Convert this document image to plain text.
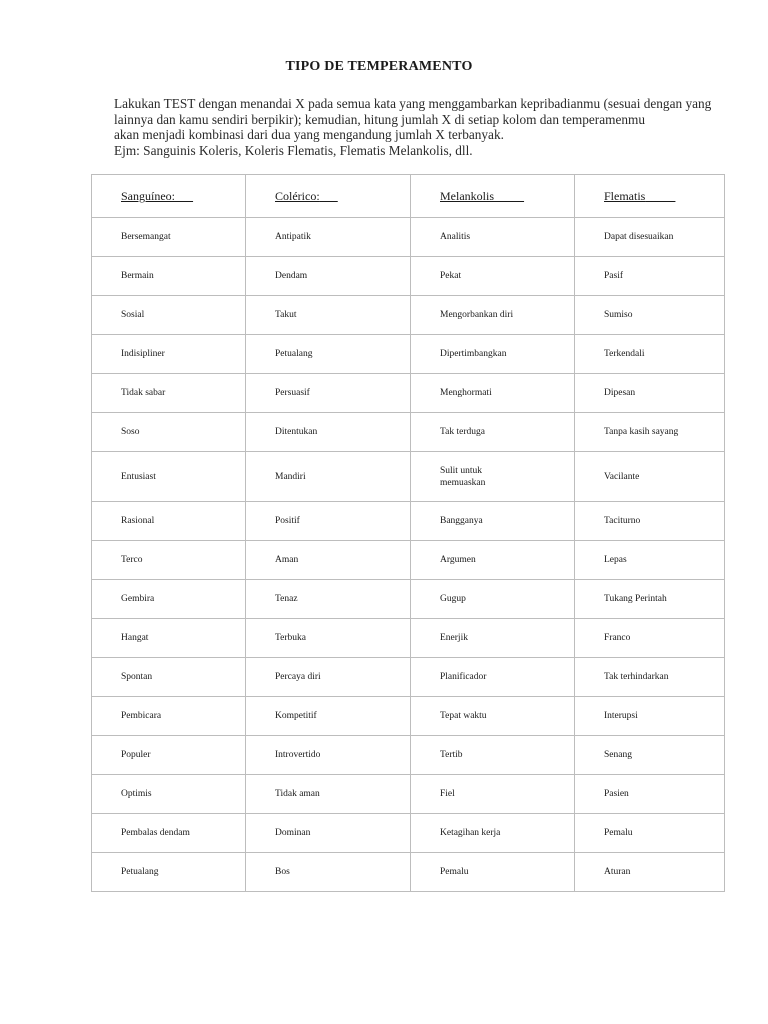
TIPO DE TEMPERAMENTO
Lakukan TEST dengan menandai X pada semua kata yang menggambarkan kepribadianmu (sesuai dengan yang
lainnya dan kamu sendiri berpikir); kemudian, hitung jumlah X di setiap kolom dan temperamenmu
akan menjadi kombinasi dari dua yang mengandung jumlah X terbanyak.
Ejm: Sanguinis Koleris, Koleris Flematis, Flematis Melankolis, dll.
Sanguíneo:___	Colérico:___	Melankolis_____	Flematis_____
Bersemangat	Antipatik	Analitis	Dapat disesuaikan
Bermain	Dendam	Pekat	Pasif
Sosial	Takut	Mengorbankan diri	Sumiso
Indisipliner	Petualang	Dipertimbangkan	Terkendali
Tidak sabar	Persuasif	Menghormati	Dipesan
Soso	Ditentukan	Tak terduga	Tanpa kasih sayang
Entusiast	Mandiri	Sulit untuk memuaskan	Vacilante
Rasional	Positif	Bangganya	Taciturno
Terco	Aman	Argumen	Lepas
Gembira	Tenaz	Gugup	Tukang Perintah
Hangat	Terbuka	Enerjik	Franco
Spontan	Percaya diri	Planificador	Tak terhindarkan
Pembicara	Kompetitif	Tepat waktu	Interupsi
Populer	Introvertido	Tertib	Senang
Optimis	Tidak aman	Fiel	Pasien
Pembalas dendam	Dominan	Ketagihan kerja	Pemalu
Petualang	Bos	Pemalu	Aturan
